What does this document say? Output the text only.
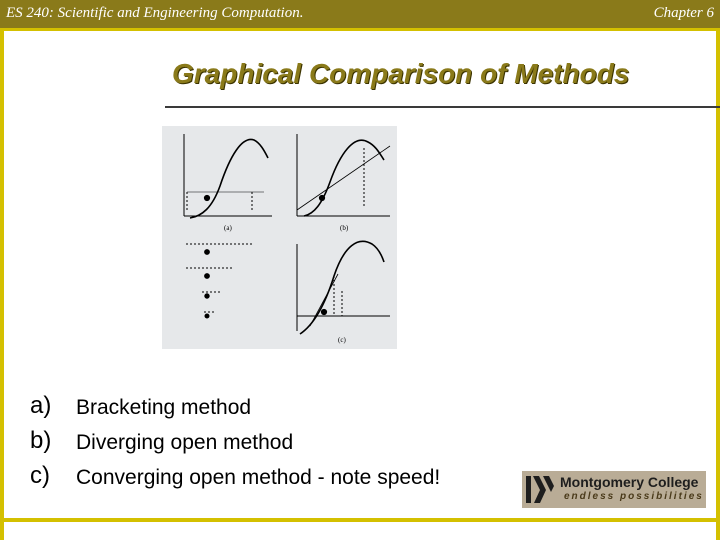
ES 240: Scientific and Engineering Computation.	Chapter 6
Graphical Comparison of Methods
(a)	(b)
(c)
a)	Bracketing method
b)	Diverging open method
c)	Converging open method - note speed!	Montgomery College
endless possibilities
